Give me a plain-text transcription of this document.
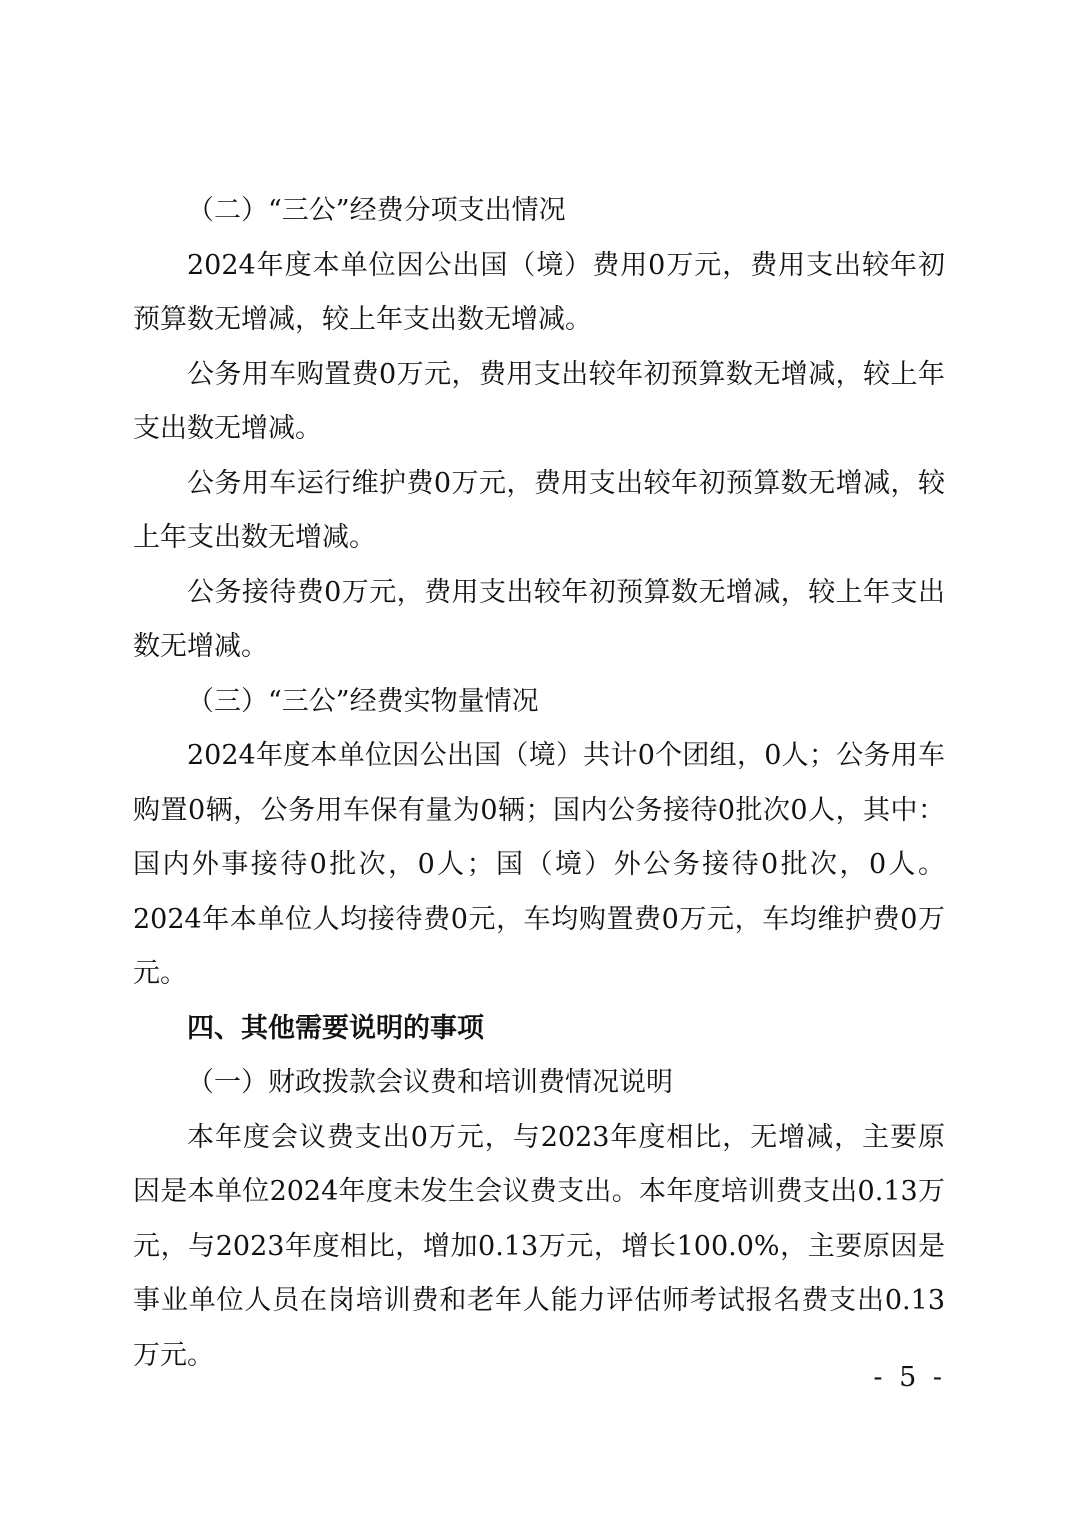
（二）“三公”经费分项支出情况

2024年度本单位因公出国（境）费用0万元，费用支出较年初预算数无增减，较上年支出数无增减。

公务用车购置费0万元，费用支出较年初预算数无增减，较上年支出数无增减。

公务用车运行维护费0万元，费用支出较年初预算数无增减，较上年支出数无增减。

公务接待费0万元，费用支出较年初预算数无增减，较上年支出数无增减。

（三）“三公”经费实物量情况

2024年度本单位因公出国（境）共计0个团组，0人；公务用车购置0辆，公务用车保有量为0辆；国内公务接待0批次0人，其中：国内外事接待0批次，0人；国（境）外公务接待0批次，0人。2024年本单位人均接待费0元，车均购置费0万元，车均维护费0万元。

四、其他需要说明的事项

（一）财政拨款会议费和培训费情况说明

本年度会议费支出0万元，与2023年度相比，无增减，主要原因是本单位2024年度未发生会议费支出。本年度培训费支出0.13万元，与2023年度相比，增加0.13万元，增长100.0%，主要原因是事业单位人员在岗培训费和老年人能力评估师考试报名费支出0.13万元。

- 5 -
